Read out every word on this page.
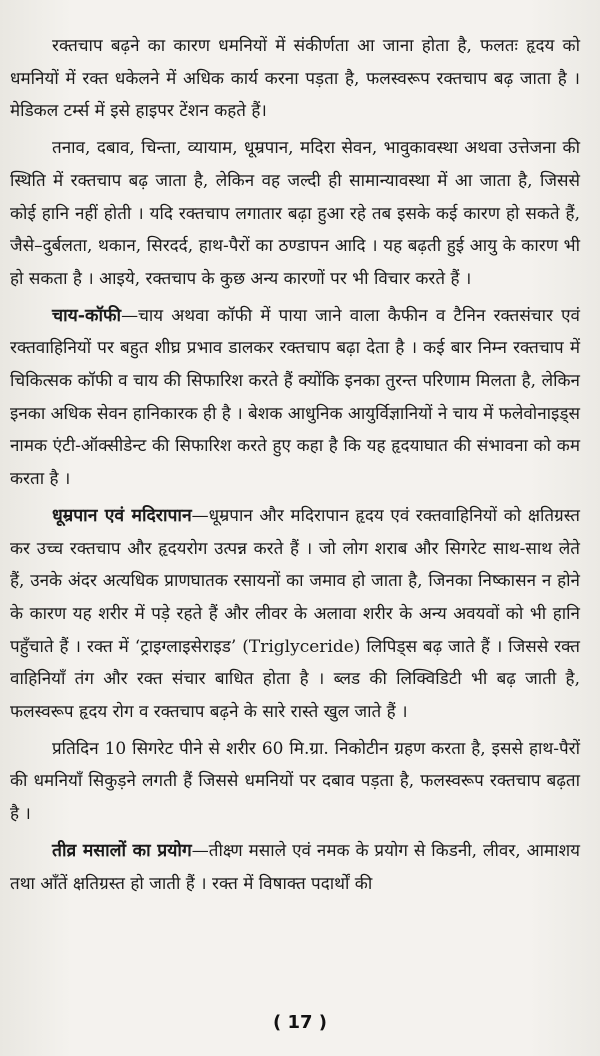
रक्तचाप बढ़ने का कारण धमनियों में संकीर्णता आ जाना होता है, फलतः हृदय को धमनियों में रक्त धकेलने में अधिक कार्य करना पड़ता है, फलस्वरूप रक्तचाप बढ़ जाता है । मेडिकल टर्म्स में इसे हाइपर टेंशन कहते हैं।

तनाव, दबाव, चिन्ता, व्यायाम, धूम्रपान, मदिरा सेवन, भावुकावस्था अथवा उत्तेजना की स्थिति में रक्तचाप बढ़ जाता है, लेकिन वह जल्दी ही सामान्यावस्था में आ जाता है, जिससे कोई हानि नहीं होती । यदि रक्तचाप लगातार बढ़ा हुआ रहे तब इसके कई कारण हो सकते हैं, जैसे–दुर्बलता, थकान, सिरदर्द, हाथ-पैरों का ठण्डापन आदि । यह बढ़ती हुई आयु के कारण भी हो सकता है । आइये, रक्तचाप के कुछ अन्य कारणों पर भी विचार करते हैं ।

चाय-कॉफी—चाय अथवा कॉफी में पाया जाने वाला कैफीन व टैनिन रक्तसंचार एवं रक्तवाहिनियों पर बहुत शीघ्र प्रभाव डालकर रक्तचाप बढ़ा देता है । कई बार निम्न रक्तचाप में चिकित्सक कॉफी व चाय की सिफारिश करते हैं क्योंकि इनका तुरन्त परिणाम मिलता है, लेकिन इनका अधिक सेवन हानिकारक ही है । बेशक आधुनिक आयुर्विज्ञानियों ने चाय में फलेवोनाइड्स नामक एंटी-ऑक्सीडेन्ट की सिफारिश करते हुए कहा है कि यह हृदयाघात की संभावना को कम करता है ।

धूम्रपान एवं मदिरापान—धूम्रपान और मदिरापान हृदय एवं रक्तवाहिनियों को क्षतिग्रस्त कर उच्च रक्तचाप और हृदयरोग उत्पन्न करते हैं । जो लोग शराब और सिगरेट साथ-साथ लेते हैं, उनके अंदर अत्यधिक प्राणघातक रसायनों का जमाव हो जाता है, जिनका निष्कासन न होने के कारण यह शरीर में पड़े रहते हैं और लीवर के अलावा शरीर के अन्य अवयवों को भी हानि पहुँचाते हैं । रक्त में ‘ट्राइग्लाइसेराइड’ (Triglyceride) लिपिड्स बढ़ जाते हैं । जिससे रक्त वाहिनियाँ तंग और रक्त संचार बाधित होता है । ब्लड की लिक्विडिटी भी बढ़ जाती है, फलस्वरूप हृदय रोग व रक्तचाप बढ़ने के सारे रास्ते खुल जाते हैं ।

प्रतिदिन 10 सिगरेट पीने से शरीर 60 मि.ग्रा. निकोटीन ग्रहण करता है, इससे हाथ-पैरों की धमनियाँ सिकुड़ने लगती हैं जिससे धमनियों पर दबाव पड़ता है, फलस्वरूप रक्तचाप बढ़ता है ।

तीव्र मसालों का प्रयोग—तीक्ष्ण मसाले एवं नमक के प्रयोग से किडनी, लीवर, आमाशय तथा आँतें क्षतिग्रस्त हो जाती हैं । रक्त में विषाक्त पदार्थों की

( 17 )
